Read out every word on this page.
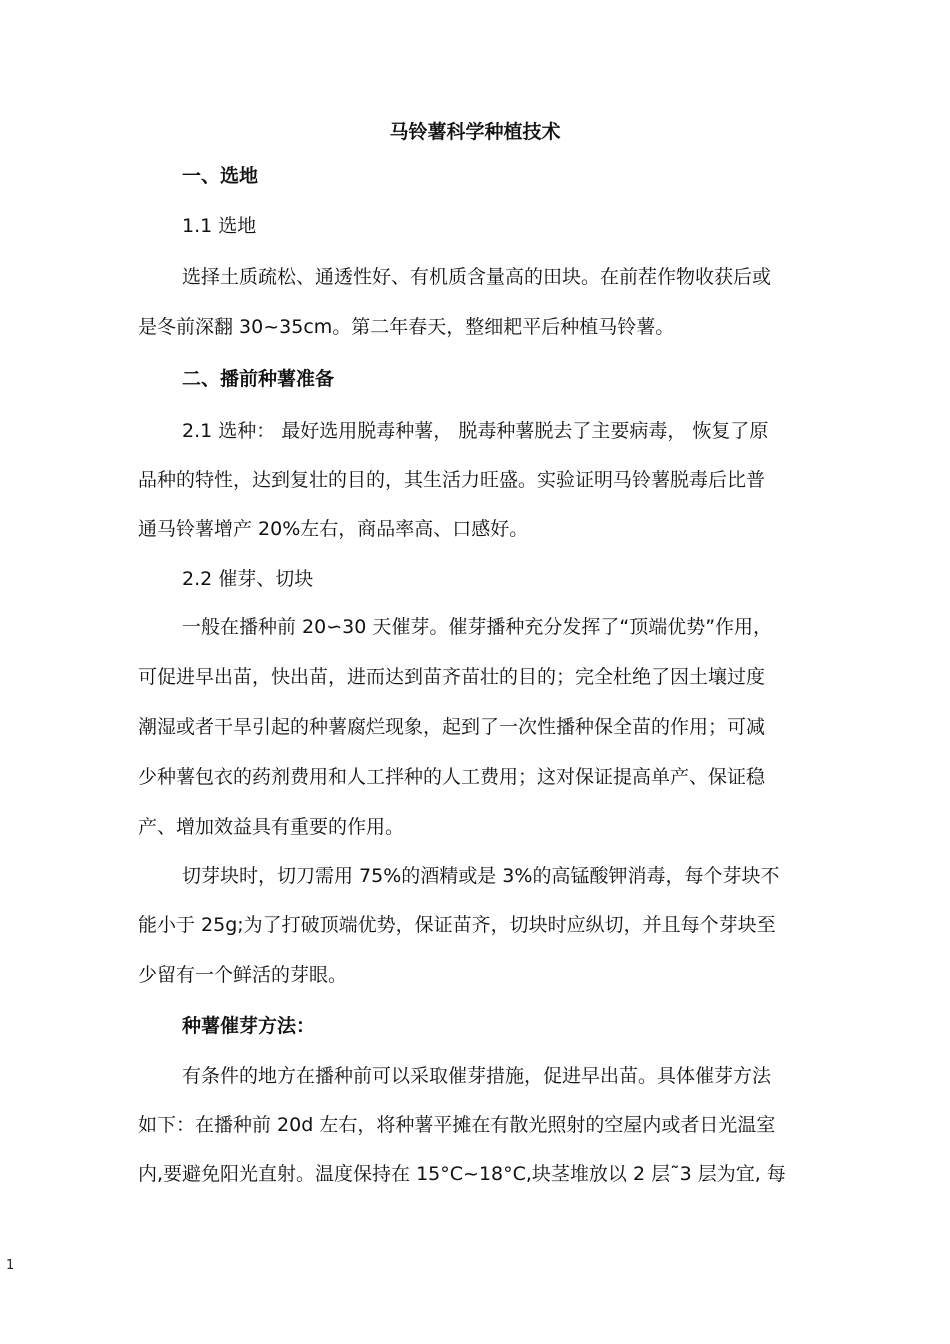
马铃薯科学种植技术
一、选地
1.1 选地
选择土质疏松、通透性好、有机质含量高的田块。在前茬作物收获后或
是冬前深翻 30~35cm。第二年春天，整细耙平后种植马铃薯。
二、播前种薯准备
2.1 选种： 最好选用脱毒种薯， 脱毒种薯脱去了主要病毒， 恢复了原
品种的特性，达到复壮的目的，其生活力旺盛。实验证明马铃薯脱毒后比普
通马铃薯增产 20%左右，商品率高、口感好。
2.2 催芽、切块
一般在播种前 20∽30 天催芽。催芽播种充分发挥了“顶端优势”作用，
可促进早出苗，快出苗，进而达到苗齐苗壮的目的；完全杜绝了因土壤过度
潮湿或者干旱引起的种薯腐烂现象，起到了一次性播种保全苗的作用；可减
少种薯包衣的药剂费用和人工拌种的人工费用；这对保证提高单产、保证稳
产、增加效益具有重要的作用。
切芽块时，切刀需用 75%的酒精或是 3%的高锰酸钾消毒，每个芽块不
能小于 25g;为了打破顶端优势，保证苗齐，切块时应纵切，并且每个芽块至
少留有一个鲜活的芽眼。
种薯催芽方法：
有条件的地方在播种前可以采取催芽措施，促进早出苗。具体催芽方法
如下：在播种前 20d 左右，将种薯平摊在有散光照射的空屋内或者日光温室
内,要避免阳光直射。温度保持在 15°C~18°C,块茎堆放以 2 层˜3 层为宜, 每
1
